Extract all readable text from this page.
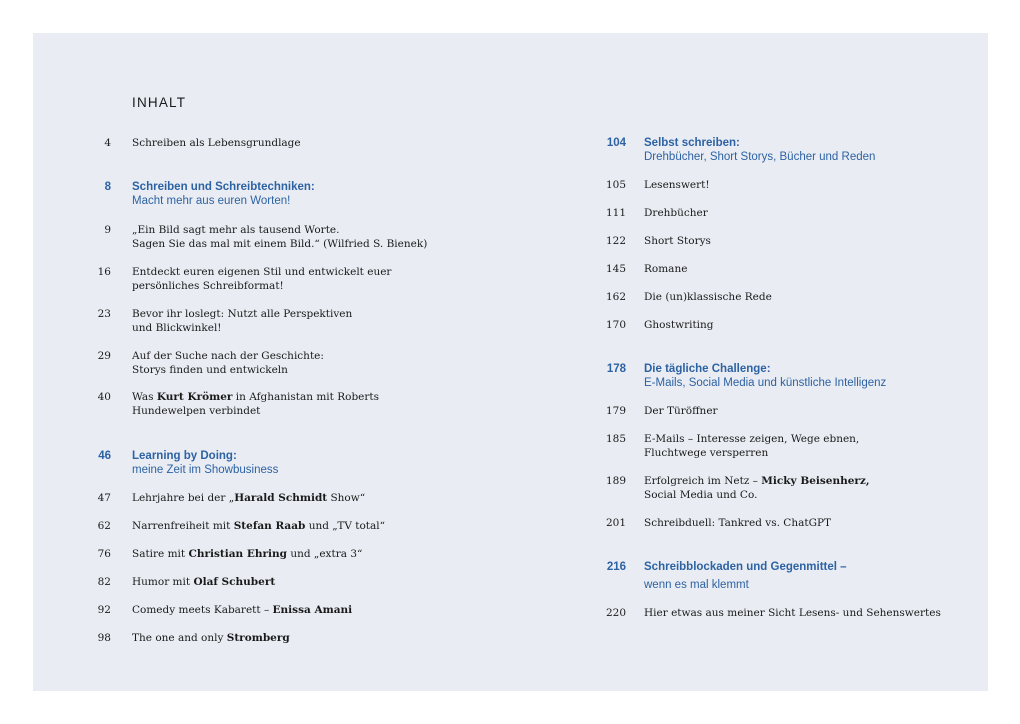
INHALT
4 Schreiben als Lebensgrundlage
8 Schreiben und Schreibtechniken:
Macht mehr aus euren Worten!
9 „Ein Bild sagt mehr als tausend Worte.
Sagen Sie das mal mit einem Bild.“ (Wilfried S. Bienek)
16 Entdeckt euren eigenen Stil und entwickelt euer
persönliches Schreibformat!
23 Bevor ihr loslegt: Nutzt alle Perspektiven
und Blickwinkel!
29 Auf der Suche nach der Geschichte:
Storys finden und entwickeln
40 Was Kurt Krömer in Afghanistan mit Roberts
Hundewelpen verbindet
46 Learning by Doing:
meine Zeit im Showbusiness
47 Lehrjahre bei der „Harald Schmidt Show“
62 Narrenfreiheit mit Stefan Raab und „TV total“
76 Satire mit Christian Ehring und „extra 3“
82 Humor mit Olaf Schubert
92 Comedy meets Kabarett – Enissa Amani
98 The one and only Stromberg
104 Selbst schreiben:
Drehbücher, Short Storys, Bücher und Reden
105 Lesenswert!
111 Drehbücher
122 Short Storys
145 Romane
162 Die (un)klassische Rede
170 Ghostwriting
178 Die tägliche Challenge:
E-Mails, Social Media und künstliche Intelligenz
179 Der Türöffner
185 E-Mails – Interesse zeigen, Wege ebnen,
Fluchtwege versperren
189 Erfolgreich im Netz – Micky Beisenherz,
Social Media und Co.
201 Schreibduell: Tankred vs. ChatGPT
216 Schreibblockaden und Gegenmittel –
wenn es mal klemmt
220 Hier etwas aus meiner Sicht Lesens- und Sehenswertes
